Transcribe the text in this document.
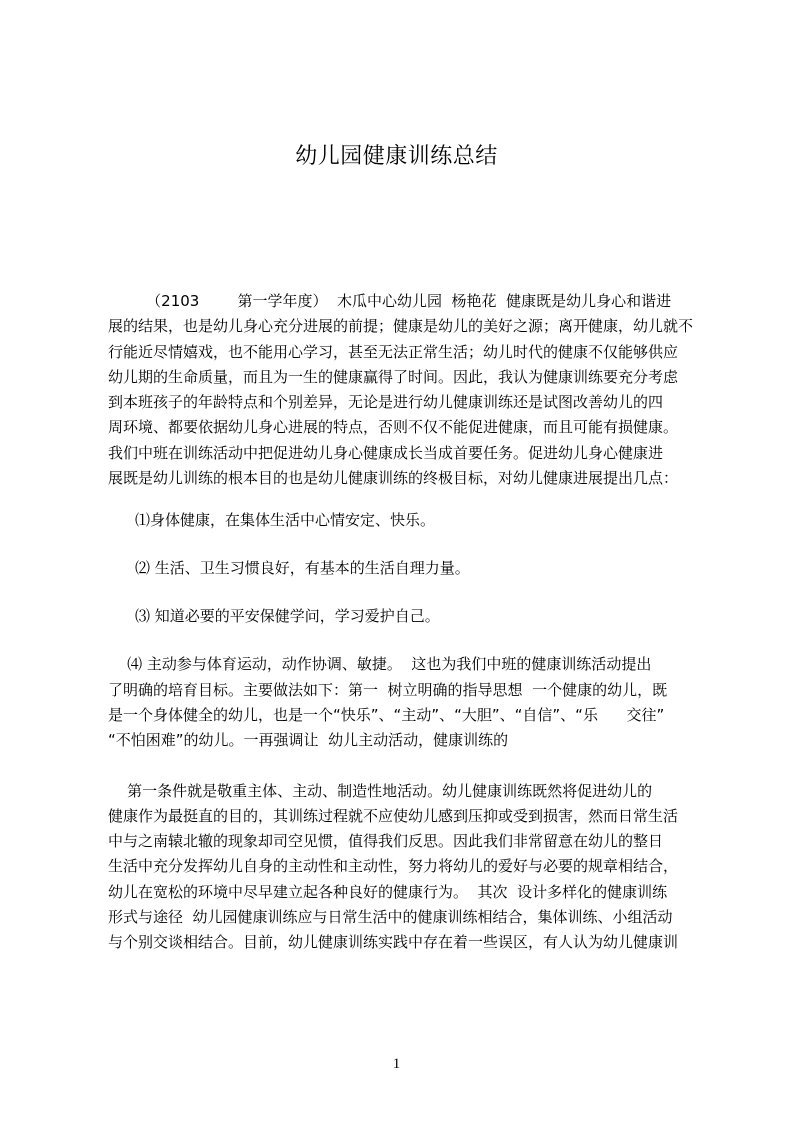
幼儿园健康训练总结

（2103        第一学年度）  木瓜中心幼儿园  杨艳花  健康既是幼儿身心和谐进
展的结果，也是幼儿身心充分进展的前提；健康是幼儿的美好之源；离开健康，幼儿就不
行能近尽情嬉戏，也不能用心学习，甚至无法正常生活；幼儿时代的健康不仅能够供应
幼儿期的生命质量，而且为一生的健康赢得了时间。因此，我认为健康训练要充分考虑
到本班孩子的年龄特点和个别差异，无论是进行幼儿健康训练还是试图改善幼儿的四
周环境、都要依据幼儿身心进展的特点，否则不仅不能促进健康，而且可能有损健康。
我们中班在训练活动中把促进幼儿身心健康成长当成首要任务。促进幼儿身心健康进
展既是幼儿训练的根本目的也是幼儿健康训练的终极目标，对幼儿健康进展提出几点：

⑴身体健康，在集体生活中心情安定、快乐。

⑵ 生活、卫生习惯良好，有基本的生活自理力量。

⑶ 知道必要的平安保健学问，学习爱护自己。

⑷ 主动参与体育运动，动作协调、敏捷。  这也为我们中班的健康训练活动提出
了明确的培育目标。主要做法如下：第一  树立明确的指导思想  一个健康的幼儿，既
是一个身体健全的幼儿，也是一个“快乐”、“主动”、“大胆”、“自信”、“乐      交往”
“不怕困难”的幼儿。一再强调让  幼儿主动活动，健康训练的

第一条件就是敬重主体、主动、制造性地活动。幼儿健康训练既然将促进幼儿的
健康作为最挺直的目的，其训练过程就不应使幼儿感到压抑或受到损害，然而日常生活
中与之南辕北辙的现象却司空见惯，值得我们反思。因此我们非常留意在幼儿的整日
生活中充分发挥幼儿自身的主动性和主动性，努力将幼儿的爱好与必要的规章相结合，
幼儿在宽松的环境中尽早建立起各种良好的健康行为。  其次  设计多样化的健康训练
形式与途径  幼儿园健康训练应与日常生活中的健康训练相结合，集体训练、小组活动
与个别交谈相结合。目前，幼儿健康训练实践中存在着一些误区，有人认为幼儿健康训

1
